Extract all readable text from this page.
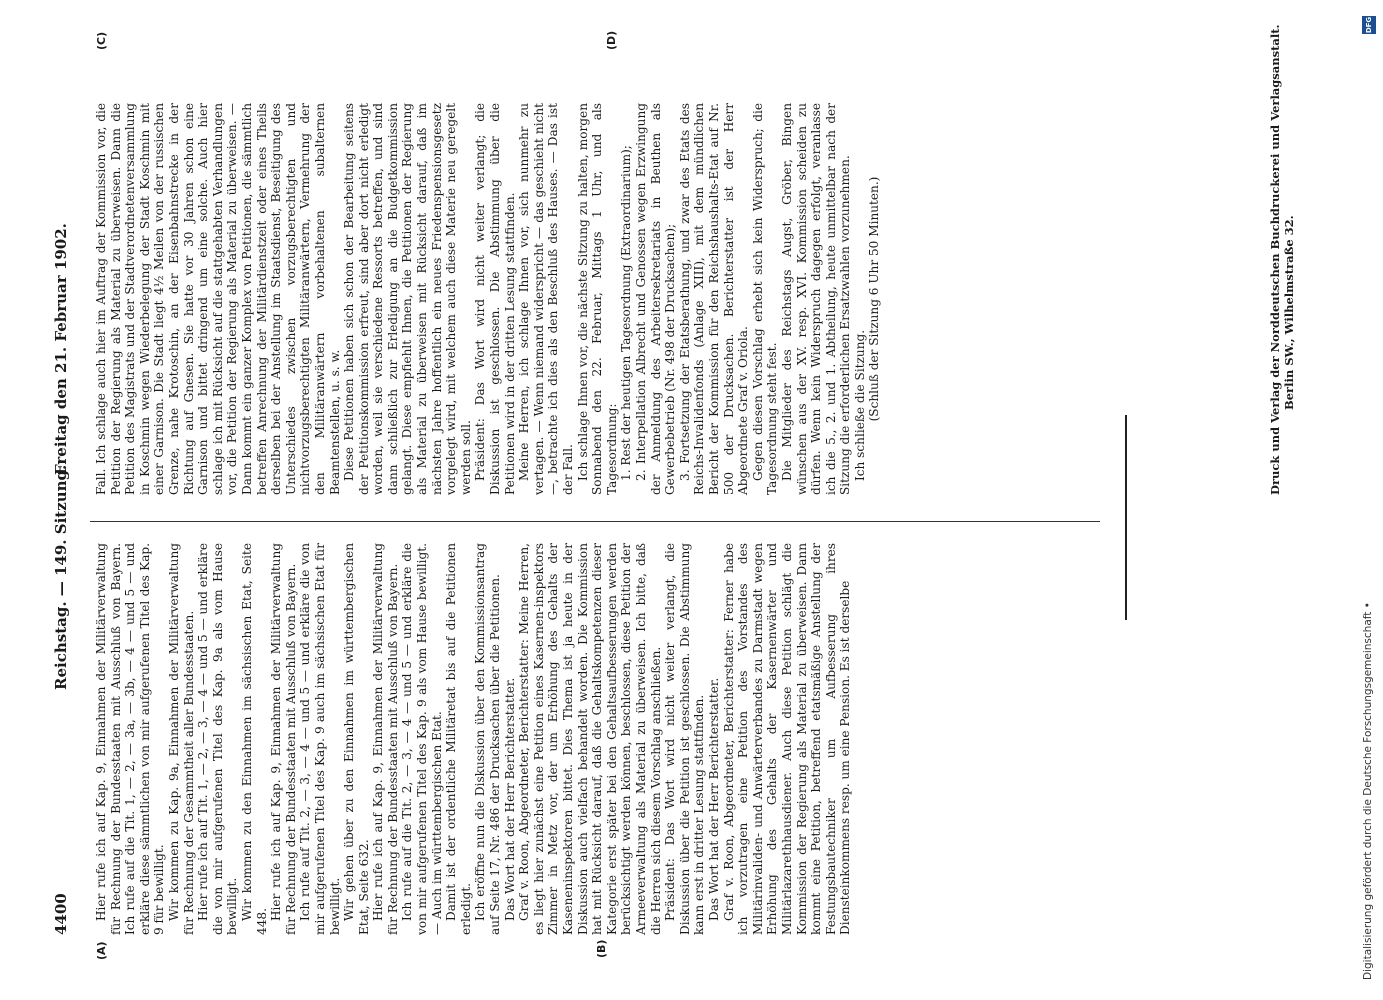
4400
Reichstag. — 149. Sitzung.
Freitag den 21. Februar 1902.
(A)	(B)
(C)	(D)

Hier rufe ich auf Kap. 9, Einnahmen der Militärverwaltung für Rechnung der Bundesstaaten mit Ausschluß von Bayern. Ich rufe auf die Tit. 1, — 2, — 3a, — 3b, — 4 — und 5 — und erkläre diese sämmtlichen von mir aufgerufenen Titel des Kap. 9 für bewilligt. Wir kommen zu Kap. 9a, Einnahmen der Militärverwaltung für Rechnung der Gesammtheit aller Bundesstaaten. Hier rufe ich auf Tit. 1, — 2, — 3, — 4 — und 5 — und erkläre die von mir aufgerufenen Titel des Kap. 9a als vom Hause bewilligt. Wir kommen zu den Einnahmen im sächsischen Etat, Seite 448.

Hier rufe ich auf Kap. 9, Einnahmen der Militärverwaltung für Rechnung der Bundesstaaten mit Ausschluß von Bayern. Ich rufe auf Tit. 2, — 3, — 4 — und 5 — und erkläre die von mir aufgerufenen Titel des Kap. 9 auch im sächsischen Etat für bewilligt. Wir gehen über zu den Einnahmen im württembergischen Etat, Seite 632. Hier rufe ich auf Kap. 9, Einnahmen der Militärverwaltung für Rechnung der Bundesstaaten mit Ausschluß von Bayern. Ich rufe auf die Tit. 2, — 3, — 4 — und 5 — und erkläre die von mir aufgerufenen Titel des Kap. 9 als vom Hause bewilligt. — Auch im württembergischen Etat. Damit ist der ordentliche Militäretat bis auf die Petitionen erledigt. Ich eröffne nun die Diskussion über den Kommissionsantrag auf Seite 17, Nr. 486 der Drucksachen über die Petitionen. Das Wort hat der Herr Berichterstatter. Graf v. Roon, Abgeordneter, Berichterstatter: Meine Herren, es liegt hier zunächst eine Petition eines Kasernen-inspektors Zimmer in Metz vor, der um Erhöhung des Gehalts der Kaseneninspektoren bittet. Dies Thema ist ja heute in der Diskussion auch vielfach behandelt worden. Die Kommission hat mit Rücksicht darauf, daß die Gehaltskompetenzen dieser Kategorie erst später bei den Gehaltsaufbesserungen werden berücksichtigt werden können, beschlossen, diese Petition der Armeeverwaltung als Material zu überweisen. Ich bitte, daß die Herren sich diesem Vorschlag anschließen. Präsident: Das Wort wird nicht weiter verlangt, die Diskussion über die Petition ist geschlossen. Die Abstimmung kann erst in dritter Lesung stattfinden. Das Wort hat der Herr Berichterstatter. Graf v. Roon, Abgeordneter, Berichterstatter: Ferner habe ich vorzutragen eine Petition des Vorstandes des Militärinvaliden- und Anwärterverbandes zu Darmstadt wegen Erhöhung des Gehalts der Kasernenwärter und Militärlazarethhausdiener. Auch diese Petition schlägt die Kommission der Regierung als Material zu überweisen. Dann kommt eine Petition, betreffend etatsmäßige Anstellung der Festungsbautechniker um Aufbesserung ihres Diensteinkommens resp. um eine Pension. Es ist derselbe

Fall. Ich schlage auch hier im Auftrag der Kommission vor, die Petition der Regierung als Material zu überweisen. Dann die Petition des Magistrats und der Stadtverordnetenversammlung in Koschmin wegen Wiederbelegung der Stadt Koschmin mit einer Garnison. Die Stadt liegt 4½ Meilen von der russischen Grenze, nahe Krotoschin, an der Eisenbahnstrecke in der Richtung auf Gnesen. Sie hatte vor 30 Jahren schon eine Garnison und bittet dringend um eine solche. Auch hier schlage ich mit Rücksicht auf die stattgehabten Verhandlungen vor, die Petition der Regierung als Material zu überweisen. — Dann kommt ein ganzer Komplex von Petitionen, die sämmtlich betreffen Anrechnung der Militärdienstzeit oder eines Theils derselben bei der Anstellung im Staatsdienst, Beseitigung des Unterschiedes zwischen vorzugsberechtigten und nichtvorzugsberechtigten Militäranwärtern, Vermehrung der den Militäranwärtern vorbehaltenen subalternen Beamtenstellen, u. s. w. Diese Petitionen haben sich schon der Bearbeitung seitens der Petitionskommission erfreut, sind aber dort nicht erledigt worden, weil sie verschiedene Ressorts betreffen, und sind dann schließlich zur Erledigung an die Budgetkommission gelangt. Diese empfiehlt Ihnen, die Petitionen der Regierung als Material zu überweisen mit Rücksicht darauf, daß im nächsten Jahre hoffentlich ein neues Friedenspensionsgesetz vorgelegt wird, mit welchem auch diese Materie neu geregelt werden soll. Präsident: Das Wort wird nicht weiter verlangt; die Diskussion ist geschlossen. Die Abstimmung über die Petitionen wird in der dritten Lesung stattfinden. Meine Herren, ich schlage Ihnen vor, sich nunmehr zu vertagen. — Wenn niemand widerspricht — das geschieht nicht —, betrachte ich dies als den Beschluß des Hauses. — Das ist der Fall. Ich schlage Ihnen vor, die nächste Sitzung zu halten, morgen Sonnabend den 22. Februar, Mittags 1 Uhr, und als Tagesordnung: 1. Rest der heutigen Tagesordnung (Extraordinarium); 2. Interpellation Albrecht und Genossen wegen Erzwingung der Anmeldung des Arbeitersekretariats in Beuthen als Gewerbebetrieb (Nr. 498 der Drucksachen); 3. Fortsetzung der Etatsberathung, und zwar des Etats des Reichs-Invalidenfonds (Anlage XIII), mit dem mündlichen Bericht der Kommission für den Reichshaushalts-Etat auf Nr. 500 der Drucksachen. Berichterstatter ist der Herr Abgeordnete Graf v. Oriola. Gegen diesen Vorschlag erhebt sich kein Widerspruch; die Tagesordnung steht fest. Die Mitglieder des Reichstags Augst, Gröber, Bingen wünschen aus der XV. resp. XVI. Kommission scheiden zu dürfen. Wenn kein Widerspruch dagegen erfolgt, veranlasse ich die 5., 2. und 1. Abtheilung, heute unmittelbar nach der Sitzung die erforderlichen Ersatzwahlen vorzunehmen. Ich schließe die Sitzung. (Schluß der Sitzung 6 Uhr 50 Minuten.)	Druck und Verlag der Norddeutschen Buchdruckerei und Verlagsanstalt. Berlin SW., Wilhelmstraße 32.
Digitalisierung gefördert durch die Deutsche Forschungsgemeinschaft •
DFG
